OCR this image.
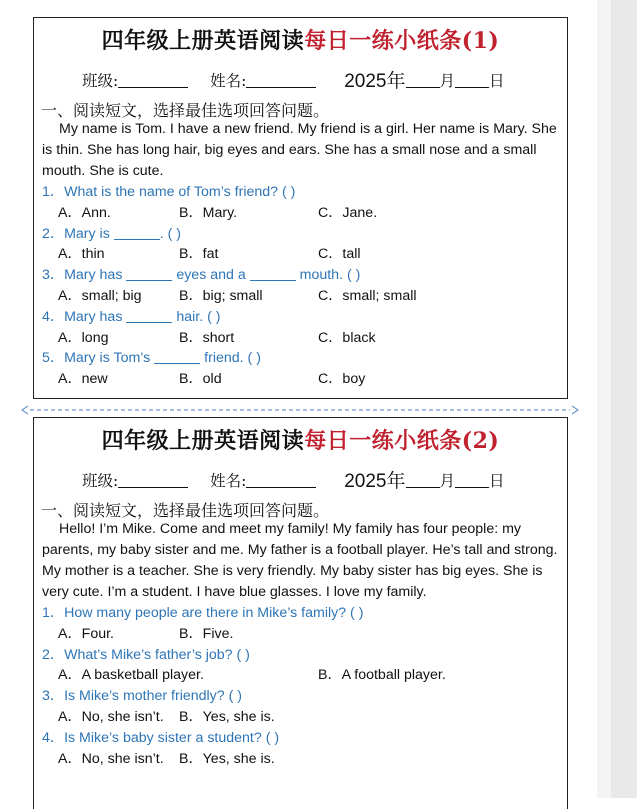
四年级上册英语阅读每日一练小纸条(1)
班级:	姓名:	2025年 月 日
一、阅读短文，选择最佳选项回答问题。

My name is Tom. I have a new friend. My friend is a girl. Her name is Mary. She is thin. She has long hair, big eyes and ears. She has a small nose and a small mouth. She is cute.

1．What is the name of Tom’s friend? ( )
A．Ann.	B．Mary.	C．Jane.
2．Mary is	. ( )
A．thin	B．fat	C．tall
3．Mary has	eyes and a	mouth. ( )
A．small; big	B．big; small	C．small; small
4．Mary has	hair. ( )
A．long	B．short	C．black
5．Mary is Tom’s	friend. ( )
A．new	B．old	C．boy
四年级上册英语阅读每日一练小纸条(2)
班级:	姓名:	2025年 月 日
一、阅读短文，选择最佳选项回答问题。

Hello! I’m Mike. Come and meet my family! My family has four people: my parents, my baby sister and me. My father is a football player. He’s tall and strong. My mother is a teacher. She is very friendly. My baby sister has big eyes. She is very cute. I’m a student. I have blue glasses. I love my family.

1．How many people are there in Mike’s family? ( )
A．Four.	B．Five.
2．What’s Mike’s father’s job? ( )
A．A basketball player.	B．A football player.
3．Is Mike’s mother friendly? ( )
A．No, she isn’t. B．Yes, she is.
4．Is Mike’s baby sister a student? ( )
A．No, she isn’t. B．Yes, she is.
